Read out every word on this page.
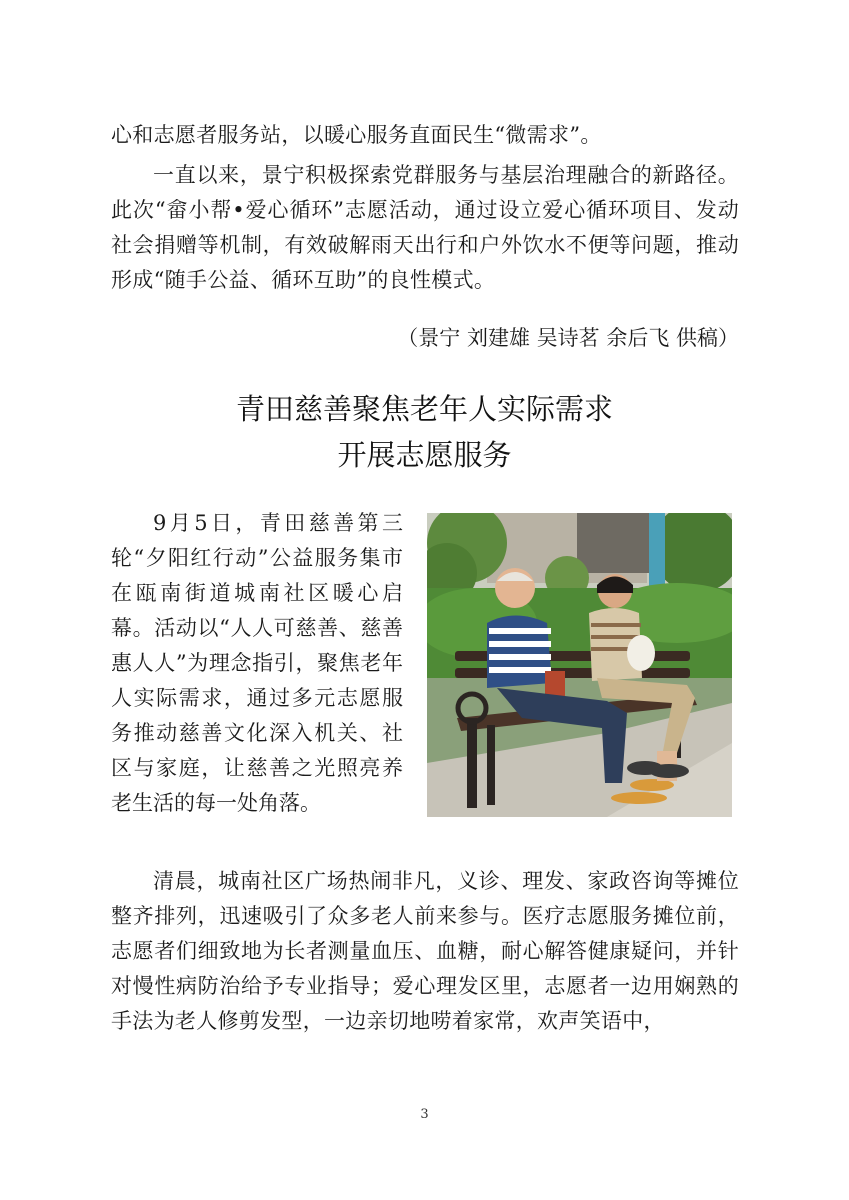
心和志愿者服务站，以暖心服务直面民生“微需求”。

一直以来，景宁积极探索党群服务与基层治理融合的新路径。此次“畲小帮•爱心循环”志愿活动，通过设立爱心循环项目、发动社会捐赠等机制，有效破解雨天出行和户外饮水不便等问题，推动形成“随手公益、循环互助”的良性模式。

（景宁 刘建雄 吴诗茗 余后飞 供稿）

青田慈善聚焦老年人实际需求
开展志愿服务

9月5日，青田慈善第三轮“夕阳红行动”公益服务集市在瓯南街道城南社区暖心启幕。活动以“人人可慈善、慈善惠人人”为理念指引，聚焦老年人实际需求，通过多元志愿服务推动慈善文化深入机关、社区与家庭，让慈善之光照亮养老生活的每一处角落。

清晨，城南社区广场热闹非凡，义诊、理发、家政咨询等摊位整齐排列，迅速吸引了众多老人前来参与。医疗志愿服务摊位前，志愿者们细致地为长者测量血压、血糖，耐心解答健康疑问，并针对慢性病防治给予专业指导；爱心理发区里，志愿者一边用娴熟的手法为老人修剪发型，一边亲切地唠着家常，欢声笑语中，

3
